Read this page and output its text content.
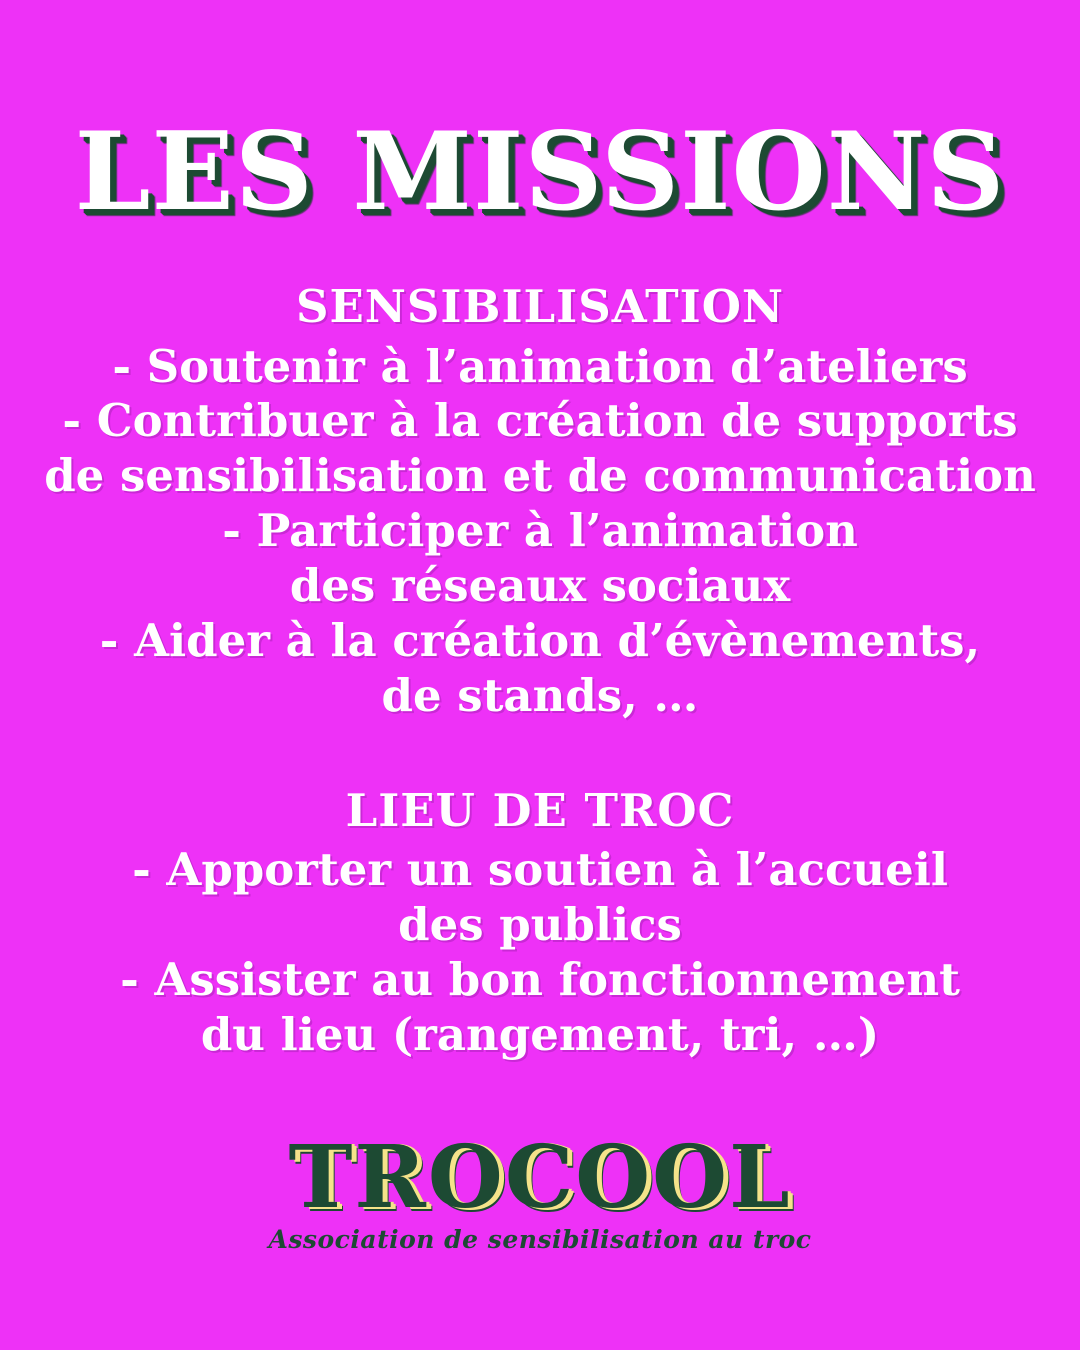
LES MISSIONS
SENSIBILISATION
- Soutenir à l’animation d’ateliers
- Contribuer à la création de supports
de sensibilisation et de communication
- Participer à l’animation
des réseaux sociaux
- Aider à la création d’évènements,
de stands, …
LIEU DE TROC
- Apporter un soutien à l’accueil
des publics
- Assister au bon fonctionnement
du lieu (rangement, tri, …)
TROCOOL
Association de sensibilisation au troc
